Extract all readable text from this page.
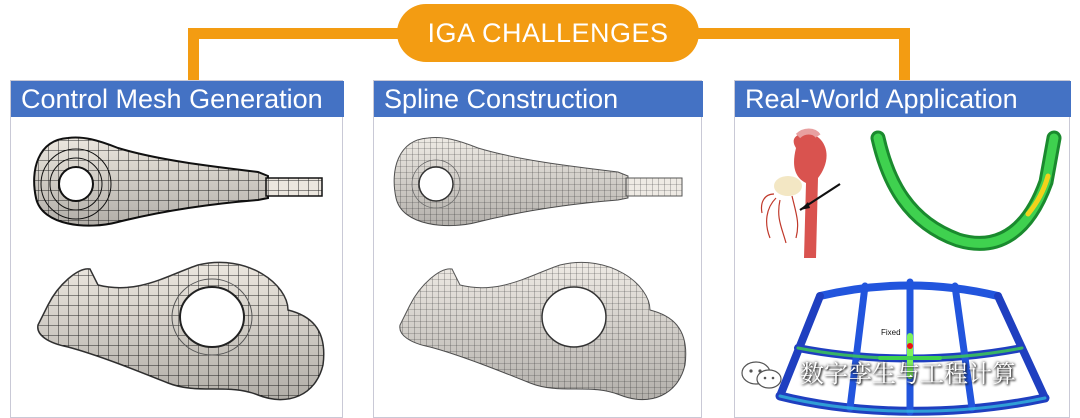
IGA CHALLENGES
Control Mesh Generation	Spline Construction	Real-World Application
Fixed
数字孪生与工程计算
